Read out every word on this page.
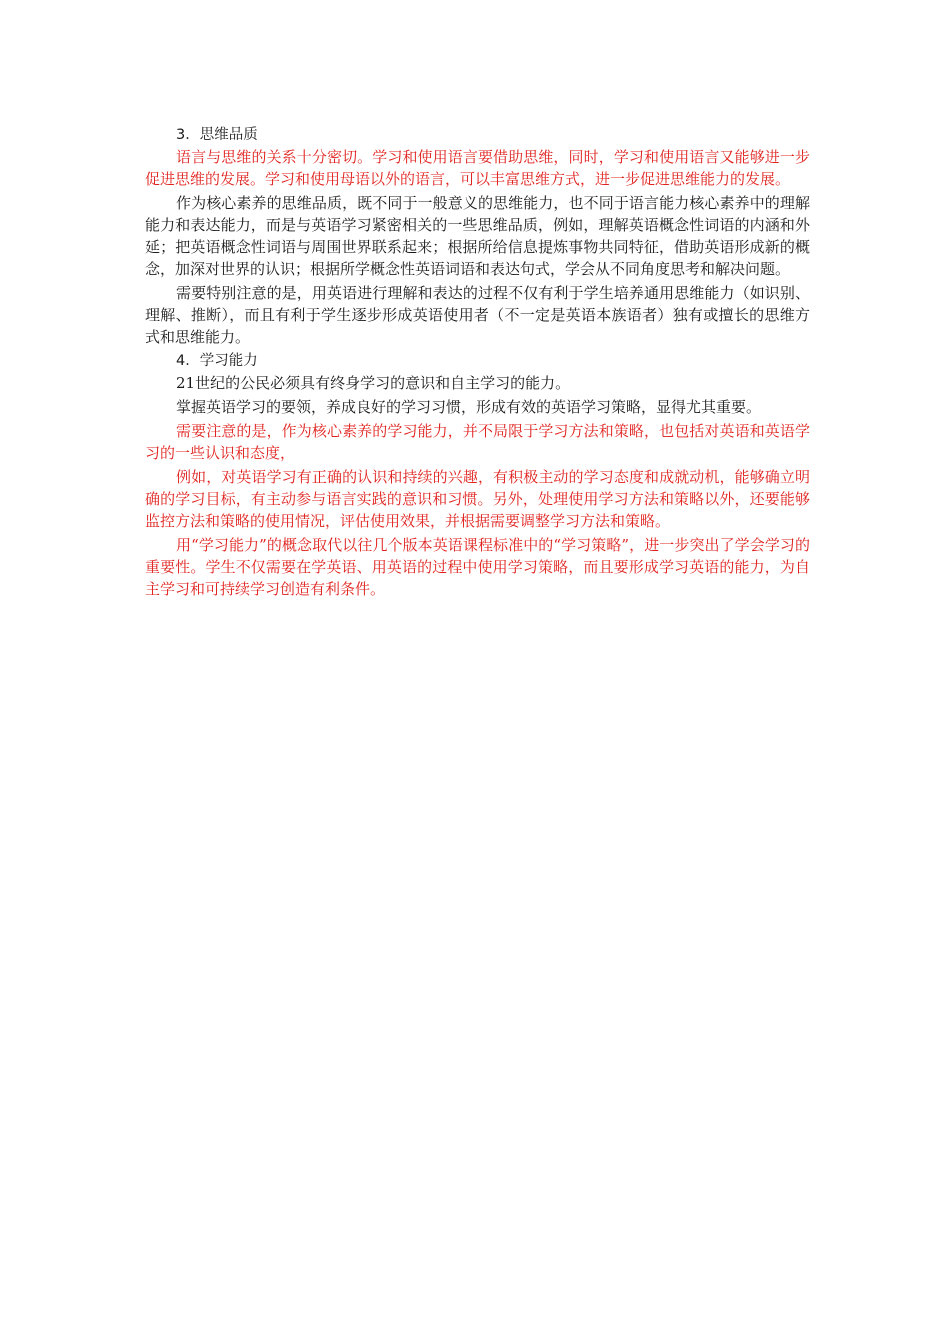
3．思维品质

语言与思维的关系十分密切。学习和使用语言要借助思维，同时，学习和使用语言又能够进一步促进思维的发展。学习和使用母语以外的语言，可以丰富思维方式，进一步促进思维能力的发展。

作为核心素养的思维品质，既不同于一般意义的思维能力，也不同于语言能力核心素养中的理解能力和表达能力，而是与英语学习紧密相关的一些思维品质，例如，理解英语概念性词语的内涵和外延；把英语概念性词语与周围世界联系起来；根据所给信息提炼事物共同特征，借助英语形成新的概念，加深对世界的认识；根据所学概念性英语词语和表达句式，学会从不同角度思考和解决问题。

需要特别注意的是，用英语进行理解和表达的过程不仅有利于学生培养通用思维能力（如识别、理解、推断），而且有利于学生逐步形成英语使用者（不一定是英语本族语者）独有或擅长的思维方式和思维能力。

4．学习能力

21世纪的公民必须具有终身学习的意识和自主学习的能力。

掌握英语学习的要领，养成良好的学习习惯，形成有效的英语学习策略，显得尤其重要。

需要注意的是，作为核心素养的学习能力，并不局限于学习方法和策略，也包括对英语和英语学习的一些认识和态度，

例如，对英语学习有正确的认识和持续的兴趣，有积极主动的学习态度和成就动机，能够确立明确的学习目标，有主动参与语言实践的意识和习惯。另外，处理使用学习方法和策略以外，还要能够监控方法和策略的使用情况，评估使用效果，并根据需要调整学习方法和策略。

用“学习能力”的概念取代以往几个版本英语课程标准中的“学习策略”，进一步突出了学会学习的重要性。学生不仅需要在学英语、用英语的过程中使用学习策略，而且要形成学习英语的能力，为自主学习和可持续学习创造有利条件。
